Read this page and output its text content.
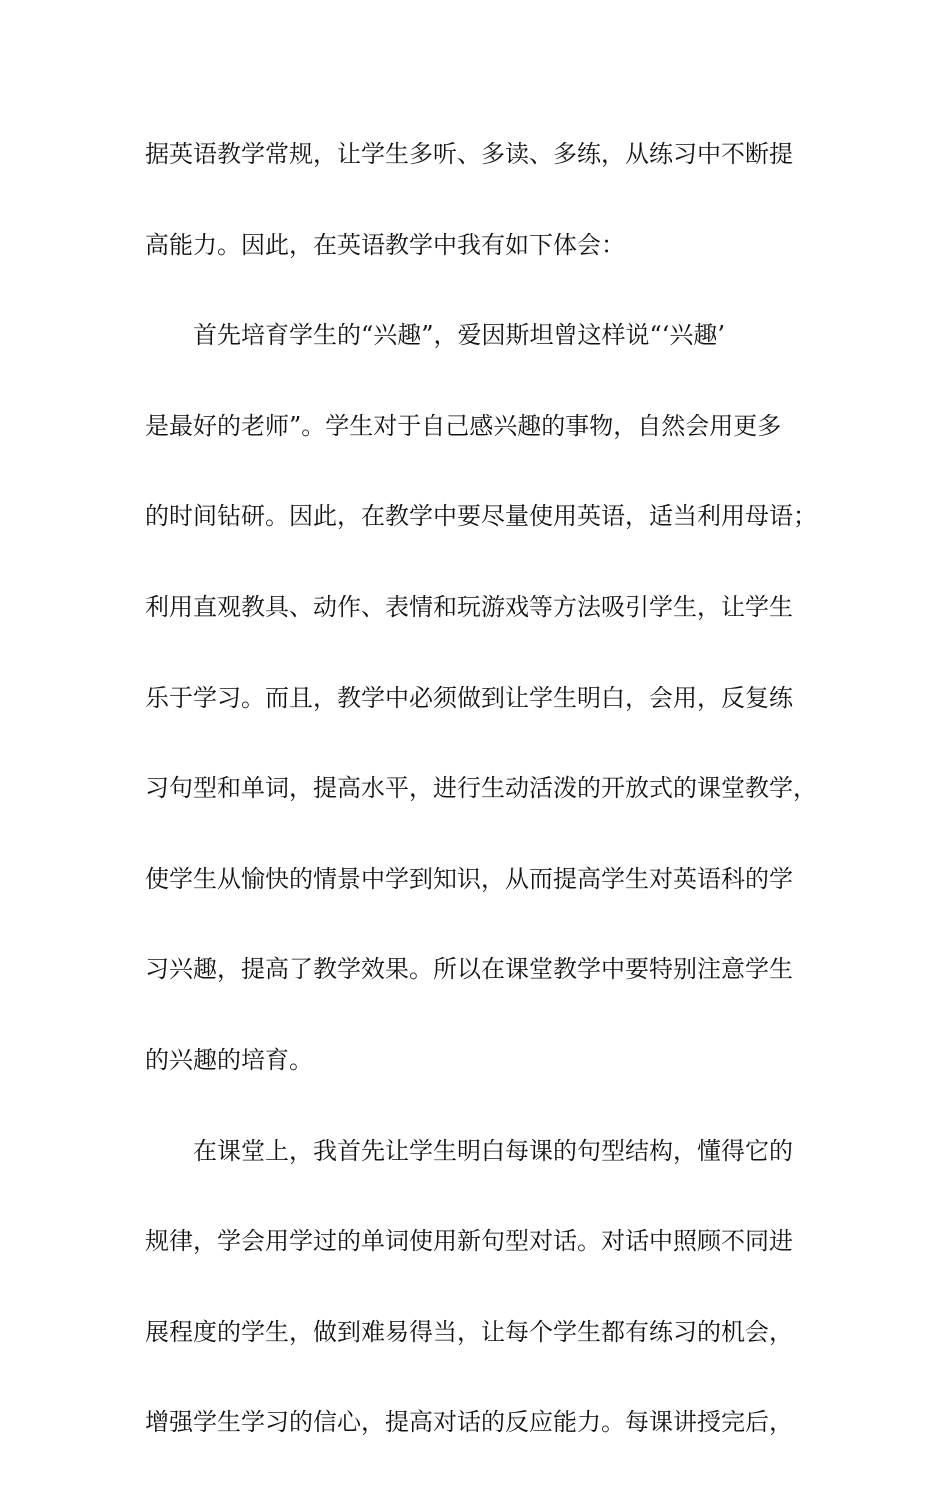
据英语教学常规，让学生多听、多读、多练，从练习中不断提
高能力。因此，在英语教学中我有如下体会：
首先培育学生的“兴趣”，爱因斯坦曾这样说“‘兴趣’
是最好的老师”。学生对于自己感兴趣的事物，自然会用更多
的时间钻研。因此，在教学中要尽量使用英语，适当利用母语；
利用直观教具、动作、表情和玩游戏等方法吸引学生，让学生
乐于学习。而且，教学中必须做到让学生明白，会用，反复练
习句型和单词，提高水平，进行生动活泼的开放式的课堂教学，
使学生从愉快的情景中学到知识，从而提高学生对英语科的学
习兴趣，提高了教学效果。所以在课堂教学中要特别注意学生
的兴趣的培育。
在课堂上，我首先让学生明白每课的句型结构，懂得它的
规律，学会用学过的单词使用新句型对话。对话中照顾不同进
展程度的学生，做到难易得当，让每个学生都有练习的机会，
增强学生学习的信心，提高对话的反应能力。每课讲授完后，
